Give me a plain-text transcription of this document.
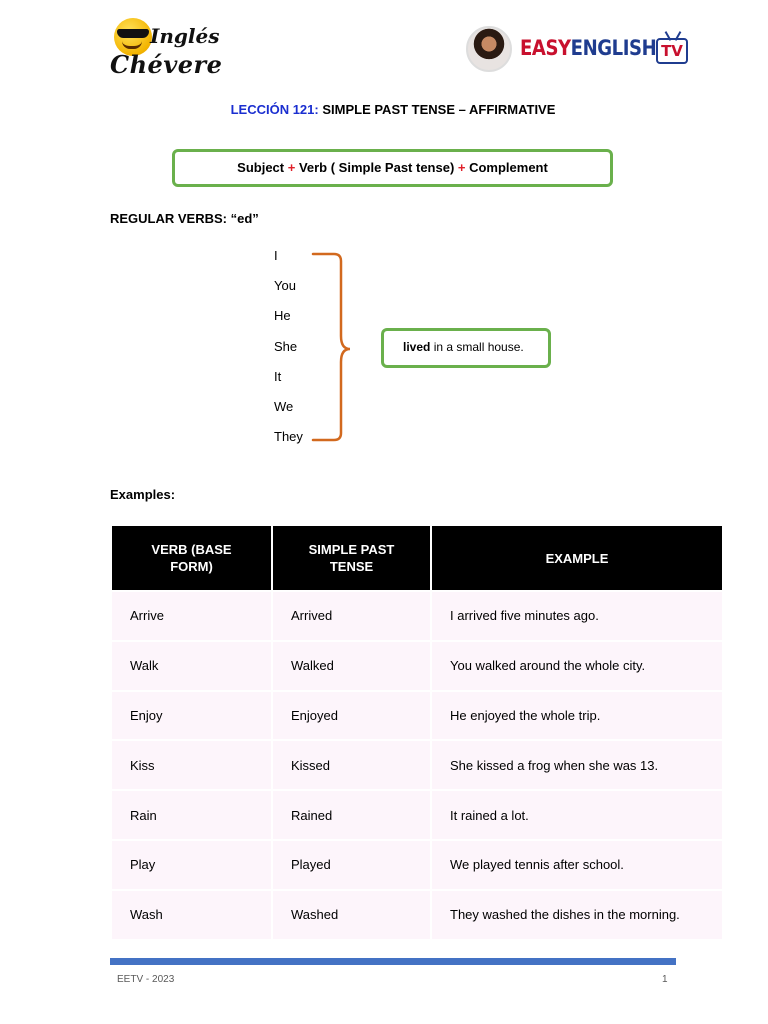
Inglés
Chévere
EASYENGLISH TV
LECCIÓN 121: SIMPLE PAST TENSE – AFFIRMATIVE
Subject + Verb ( Simple Past tense) + Complement
REGULAR VERBS: “ed”
I
You
He
She
It
We
They
lived in a small house.
Examples:
VERB (BASE FORM)	SIMPLE PAST TENSE	EXAMPLE
Arrive	Arrived	I arrived five minutes ago.
Walk	Walked	You walked around the whole city.
Enjoy	Enjoyed	He enjoyed the whole trip.
Kiss	Kissed	She kissed a frog when she was 13.
Rain	Rained	It rained a lot.
Play	Played	We played tennis after school.
Wash	Washed	They washed the dishes in the morning.
EETV - 2023	1
